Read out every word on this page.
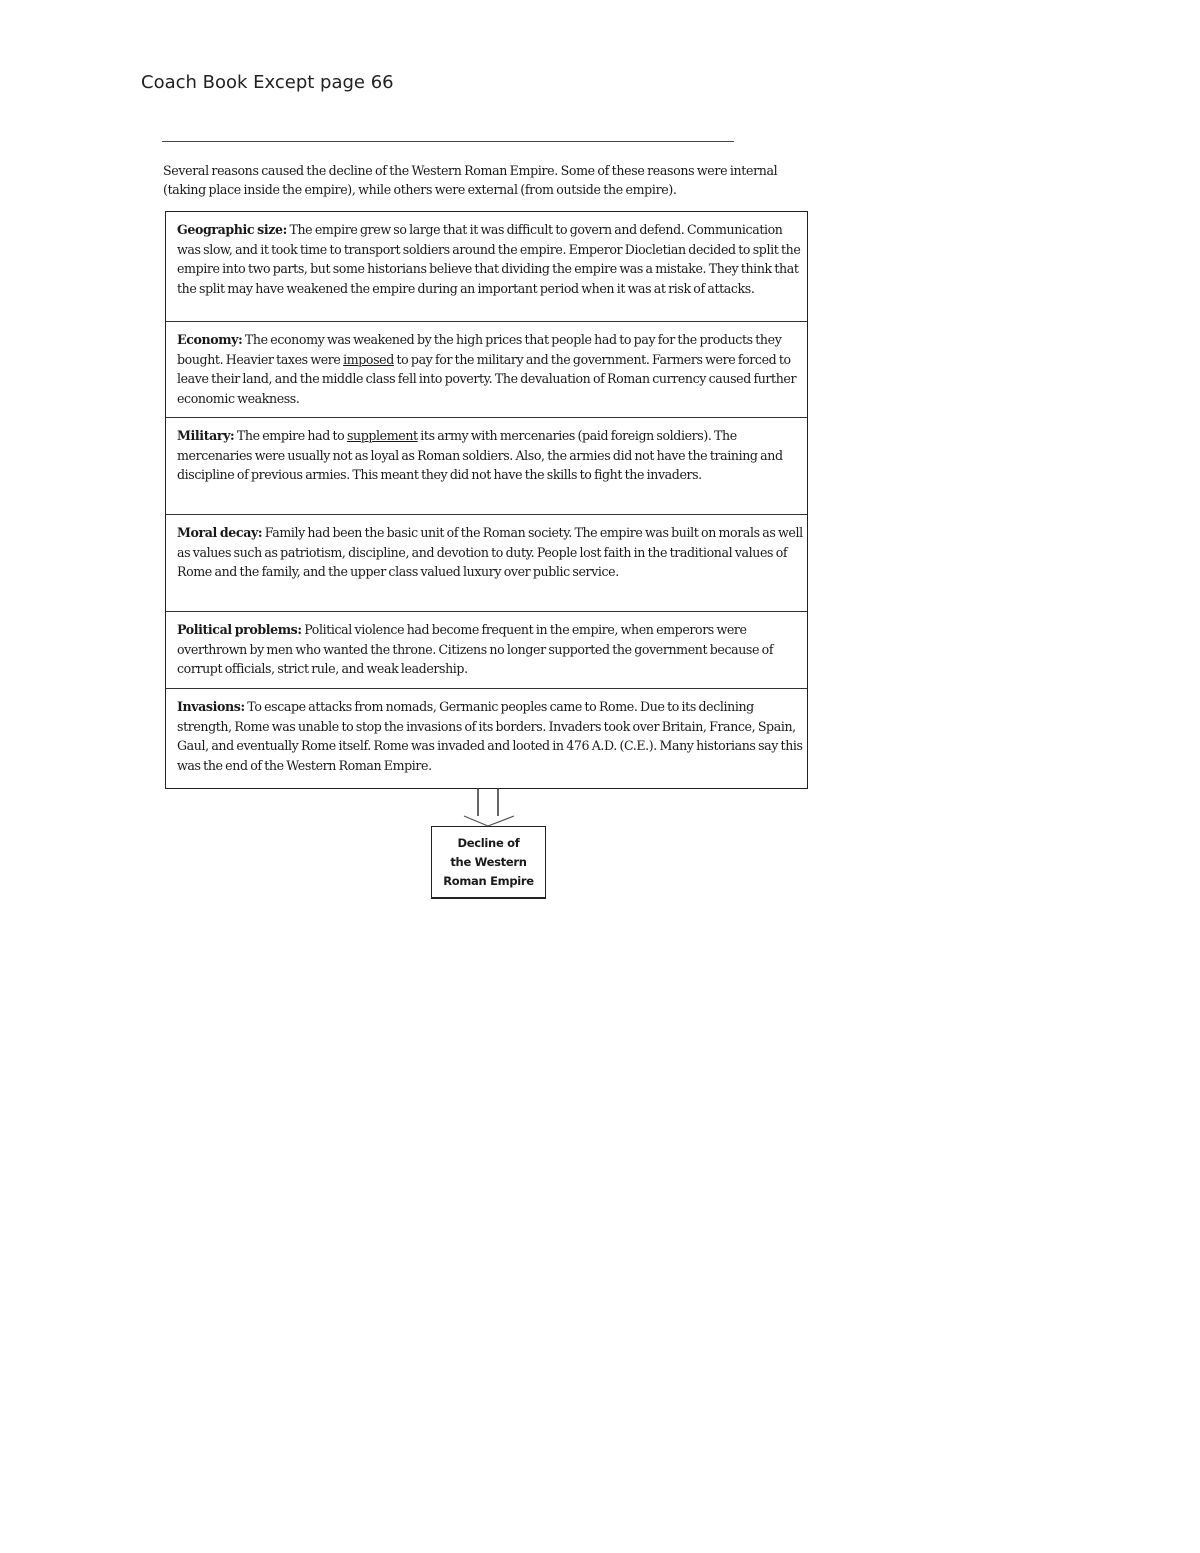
Coach Book Except page 66
Several reasons caused the decline of the Western Roman Empire. Some of these reasons were internal (taking place inside the empire), while others were external (from outside the empire).
Geographic size: The empire grew so large that it was difficult to govern and defend. Communication was slow, and it took time to transport soldiers around the empire. Emperor Diocletian decided to split the empire into two parts, but some historians believe that dividing the empire was a mistake. They think that the split may have weakened the empire during an important period when it was at risk of attacks.
Economy: The economy was weakened by the high prices that people had to pay for the products they bought. Heavier taxes were imposed to pay for the military and the government. Farmers were forced to leave their land, and the middle class fell into poverty. The devaluation of Roman currency caused further economic weakness.
Military: The empire had to supplement its army with mercenaries (paid foreign soldiers). The mercenaries were usually not as loyal as Roman soldiers. Also, the armies did not have the training and discipline of previous armies. This meant they did not have the skills to fight the invaders.
Moral decay: Family had been the basic unit of the Roman society. The empire was built on morals as well as values such as patriotism, discipline, and devotion to duty. People lost faith in the traditional values of Rome and the family, and the upper class valued luxury over public service.
Political problems: Political violence had become frequent in the empire, when emperors were overthrown by men who wanted the throne. Citizens no longer supported the government because of corrupt officials, strict rule, and weak leadership.
Invasions: To escape attacks from nomads, Germanic peoples came to Rome. Due to its declining strength, Rome was unable to stop the invasions of its borders. Invaders took over Britain, France, Spain, Gaul, and eventually Rome itself. Rome was invaded and looted in 476 A.D. (C.E.). Many historians say this was the end of the Western Roman Empire.
Decline of
the Western
Roman Empire
